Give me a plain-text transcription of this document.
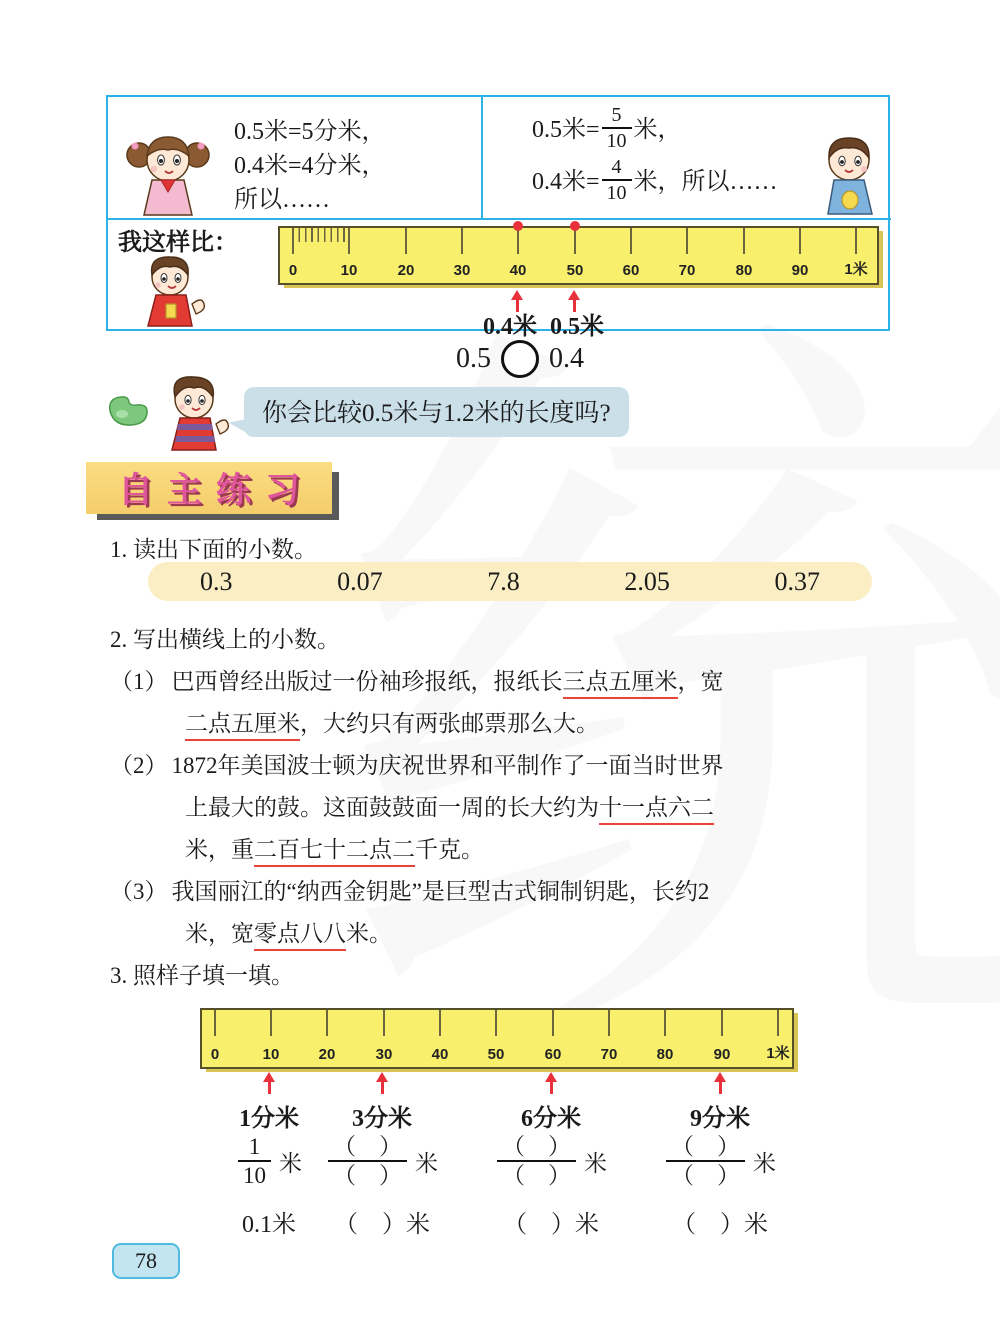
0.5米=5分米，
0.4米=4分米，
所以……
0.5米= $\frac{5}{10}$ 米，
0.4米= $\frac{4}{10}$ 米，所以……
我这样比：
0	10	20	30	40	50	60	70	80	90	1米
0.4米 0.5米
0.5 0.4
你会比较0.5米与1.2米的长度吗?
自主练习
1. 读出下面的小数。
0.3	0.07	7.8	2.05	0.37
2. 写出横线上的小数。
（1） 巴西曾经出版过一份袖珍报纸，报纸长三点五厘米，宽
二点五厘米，大约只有两张邮票那么大。
（2） 1872年美国波士顿为庆祝世界和平制作了一面当时世界
上最大的鼓。这面鼓鼓面一周的长大约为十一点六二
米，重二百七十二点二千克。
（3） 我国丽江的“纳西金钥匙”是巨型古式铜制钥匙，长约2
米，宽零点八八米。
3. 照样子填一填。
0	10	20	30	40	50	60	70	80	90	1米
1分米	3分米	6分米	9分米
$\frac{1}{10}$ 米 $\frac{( )}{( )}$ 米	$\frac{( )}{( )}$ 米	$\frac{( )}{( )}$ 米
0.1米	（　）米	（　）米	（　）米
78
